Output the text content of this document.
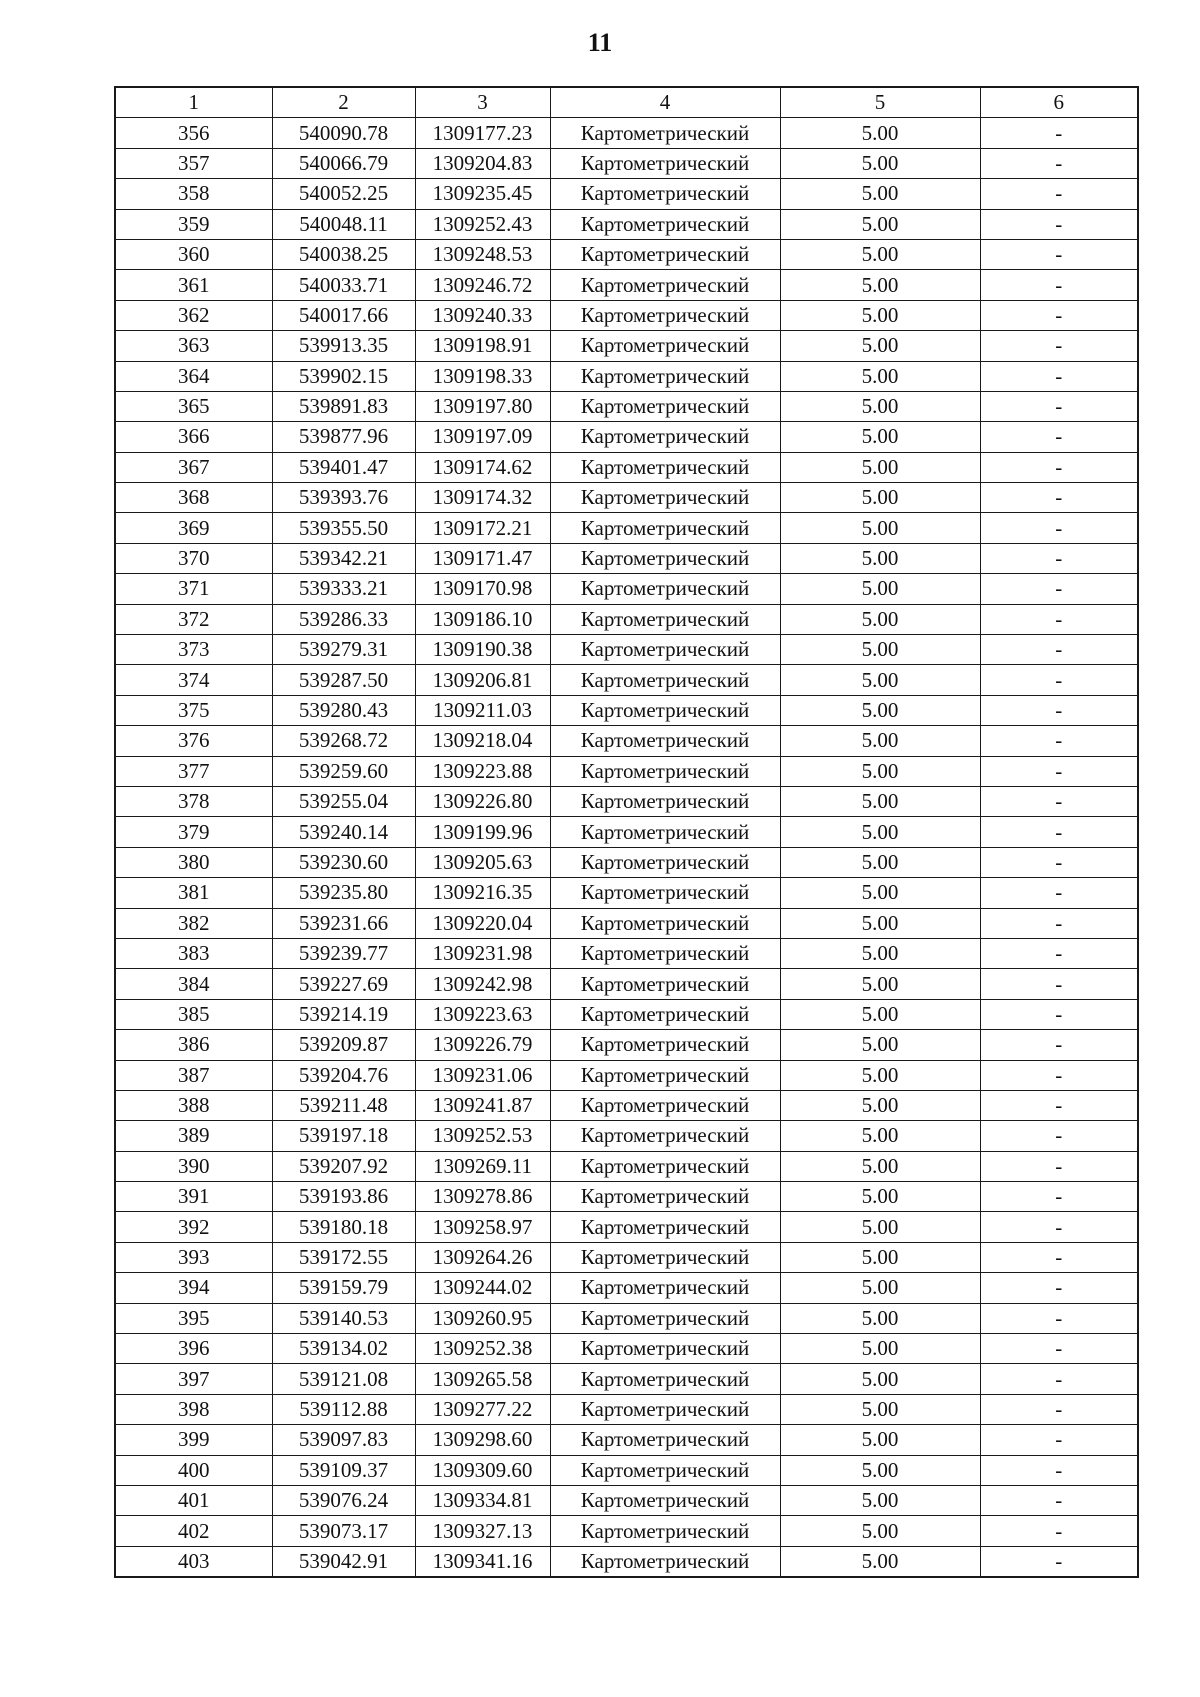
11
1	2	3	4	5	6
356	540090.78	1309177.23	Картометрический	5.00	-
357	540066.79	1309204.83	Картометрический	5.00	-
358	540052.25	1309235.45	Картометрический	5.00	-
359	540048.11	1309252.43	Картометрический	5.00	-
360	540038.25	1309248.53	Картометрический	5.00	-
361	540033.71	1309246.72	Картометрический	5.00	-
362	540017.66	1309240.33	Картометрический	5.00	-
363	539913.35	1309198.91	Картометрический	5.00	-
364	539902.15	1309198.33	Картометрический	5.00	-
365	539891.83	1309197.80	Картометрический	5.00	-
366	539877.96	1309197.09	Картометрический	5.00	-
367	539401.47	1309174.62	Картометрический	5.00	-
368	539393.76	1309174.32	Картометрический	5.00	-
369	539355.50	1309172.21	Картометрический	5.00	-
370	539342.21	1309171.47	Картометрический	5.00	-
371	539333.21	1309170.98	Картометрический	5.00	-
372	539286.33	1309186.10	Картометрический	5.00	-
373	539279.31	1309190.38	Картометрический	5.00	-
374	539287.50	1309206.81	Картометрический	5.00	-
375	539280.43	1309211.03	Картометрический	5.00	-
376	539268.72	1309218.04	Картометрический	5.00	-
377	539259.60	1309223.88	Картометрический	5.00	-
378	539255.04	1309226.80	Картометрический	5.00	-
379	539240.14	1309199.96	Картометрический	5.00	-
380	539230.60	1309205.63	Картометрический	5.00	-
381	539235.80	1309216.35	Картометрический	5.00	-
382	539231.66	1309220.04	Картометрический	5.00	-
383	539239.77	1309231.98	Картометрический	5.00	-
384	539227.69	1309242.98	Картометрический	5.00	-
385	539214.19	1309223.63	Картометрический	5.00	-
386	539209.87	1309226.79	Картометрический	5.00	-
387	539204.76	1309231.06	Картометрический	5.00	-
388	539211.48	1309241.87	Картометрический	5.00	-
389	539197.18	1309252.53	Картометрический	5.00	-
390	539207.92	1309269.11	Картометрический	5.00	-
391	539193.86	1309278.86	Картометрический	5.00	-
392	539180.18	1309258.97	Картометрический	5.00	-
393	539172.55	1309264.26	Картометрический	5.00	-
394	539159.79	1309244.02	Картометрический	5.00	-
395	539140.53	1309260.95	Картометрический	5.00	-
396	539134.02	1309252.38	Картометрический	5.00	-
397	539121.08	1309265.58	Картометрический	5.00	-
398	539112.88	1309277.22	Картометрический	5.00	-
399	539097.83	1309298.60	Картометрический	5.00	-
400	539109.37	1309309.60	Картометрический	5.00	-
401	539076.24	1309334.81	Картометрический	5.00	-
402	539073.17	1309327.13	Картометрический	5.00	-
403	539042.91	1309341.16	Картометрический	5.00	-
